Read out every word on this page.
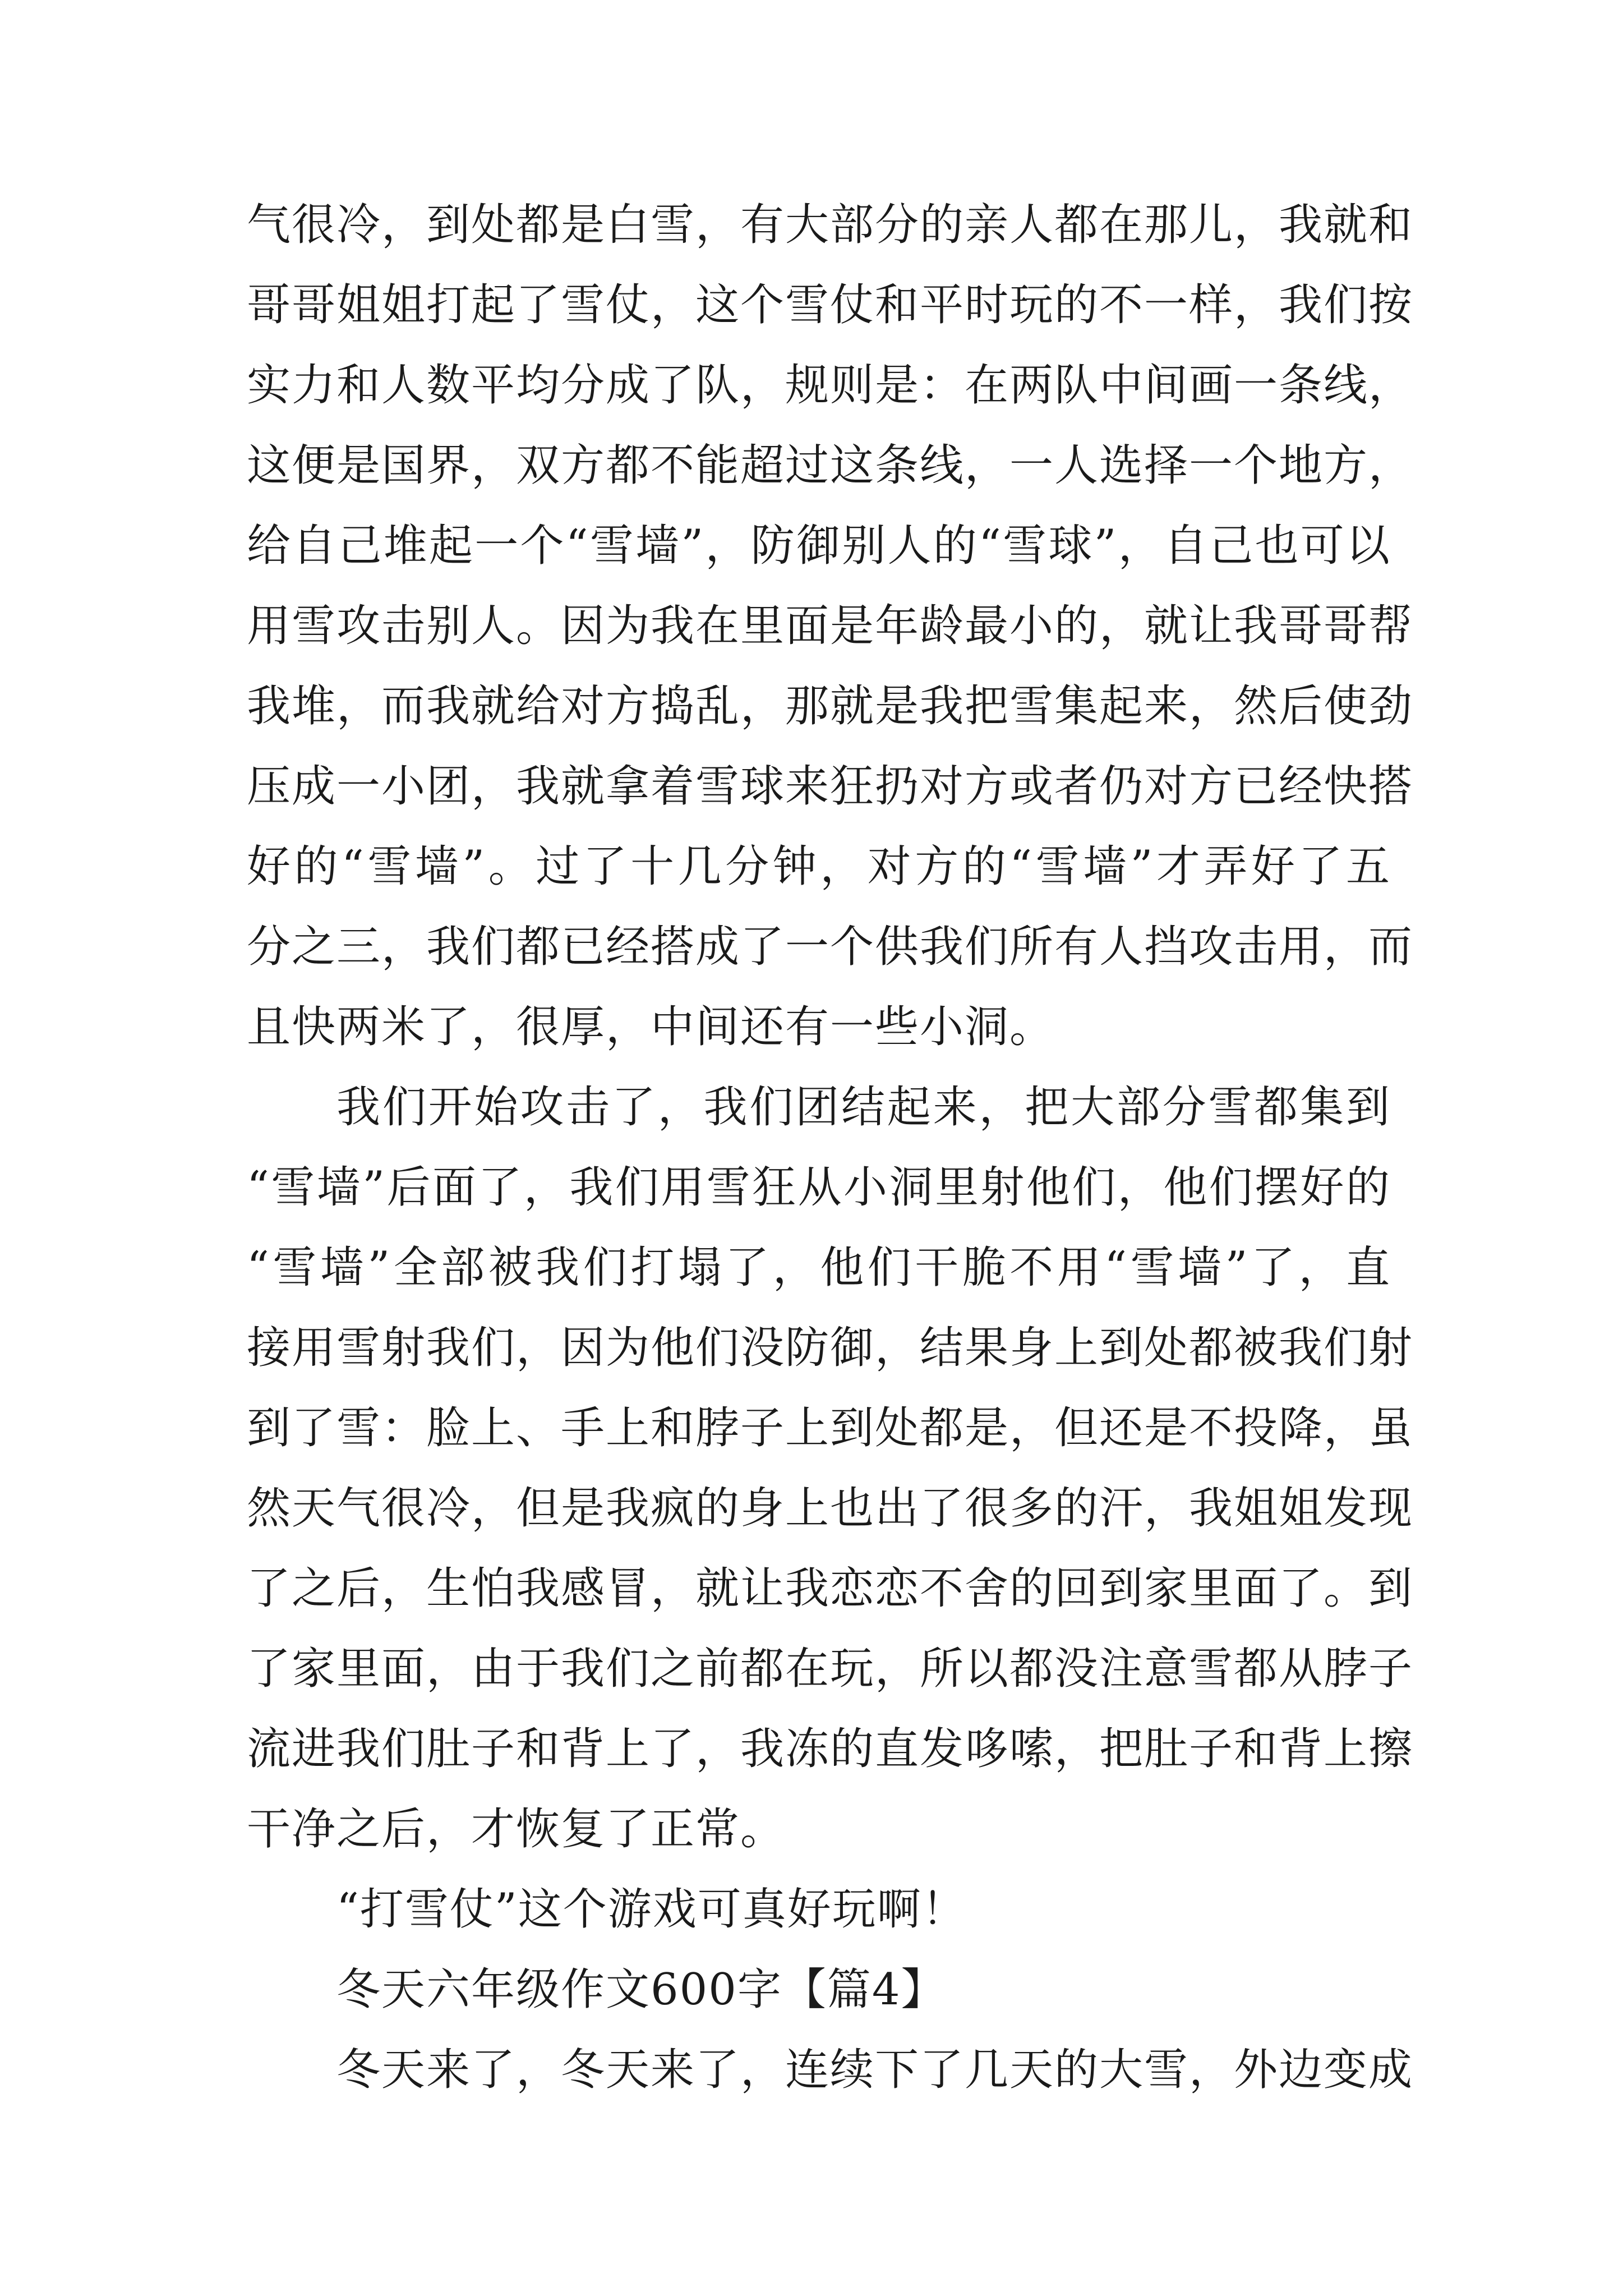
气很冷，到处都是白雪，有大部分的亲人都在那儿，我就和
哥哥姐姐打起了雪仗，这个雪仗和平时玩的不一样，我们按
实力和人数平均分成了队，规则是：在两队中间画一条线，
这便是国界，双方都不能超过这条线，一人选择一个地方，
给自己堆起一个“雪墙”，防御别人的“雪球”，自己也可以
用雪攻击别人。因为我在里面是年龄最小的，就让我哥哥帮
我堆，而我就给对方捣乱，那就是我把雪集起来，然后使劲
压成一小团，我就拿着雪球来狂扔对方或者仍对方已经快搭
好的“雪墙”。过了十几分钟，对方的“雪墙”才弄好了五
分之三，我们都已经搭成了一个供我们所有人挡攻击用，而
且快两米了，很厚，中间还有一些小洞。
我们开始攻击了，我们团结起来，把大部分雪都集到
“雪墙”后面了，我们用雪狂从小洞里射他们，他们摆好的
“雪墙”全部被我们打塌了，他们干脆不用“雪墙”了，直
接用雪射我们，因为他们没防御，结果身上到处都被我们射
到了雪：脸上、手上和脖子上到处都是，但还是不投降，虽
然天气很冷，但是我疯的身上也出了很多的汗，我姐姐发现
了之后，生怕我感冒，就让我恋恋不舍的回到家里面了。到
了家里面，由于我们之前都在玩，所以都没注意雪都从脖子
流进我们肚子和背上了，我冻的直发哆嗦，把肚子和背上擦
干净之后，才恢复了正常。
“打雪仗”这个游戏可真好玩啊！
冬天六年级作文600字【篇4】
冬天来了，冬天来了，连续下了几天的大雪，外边变成
